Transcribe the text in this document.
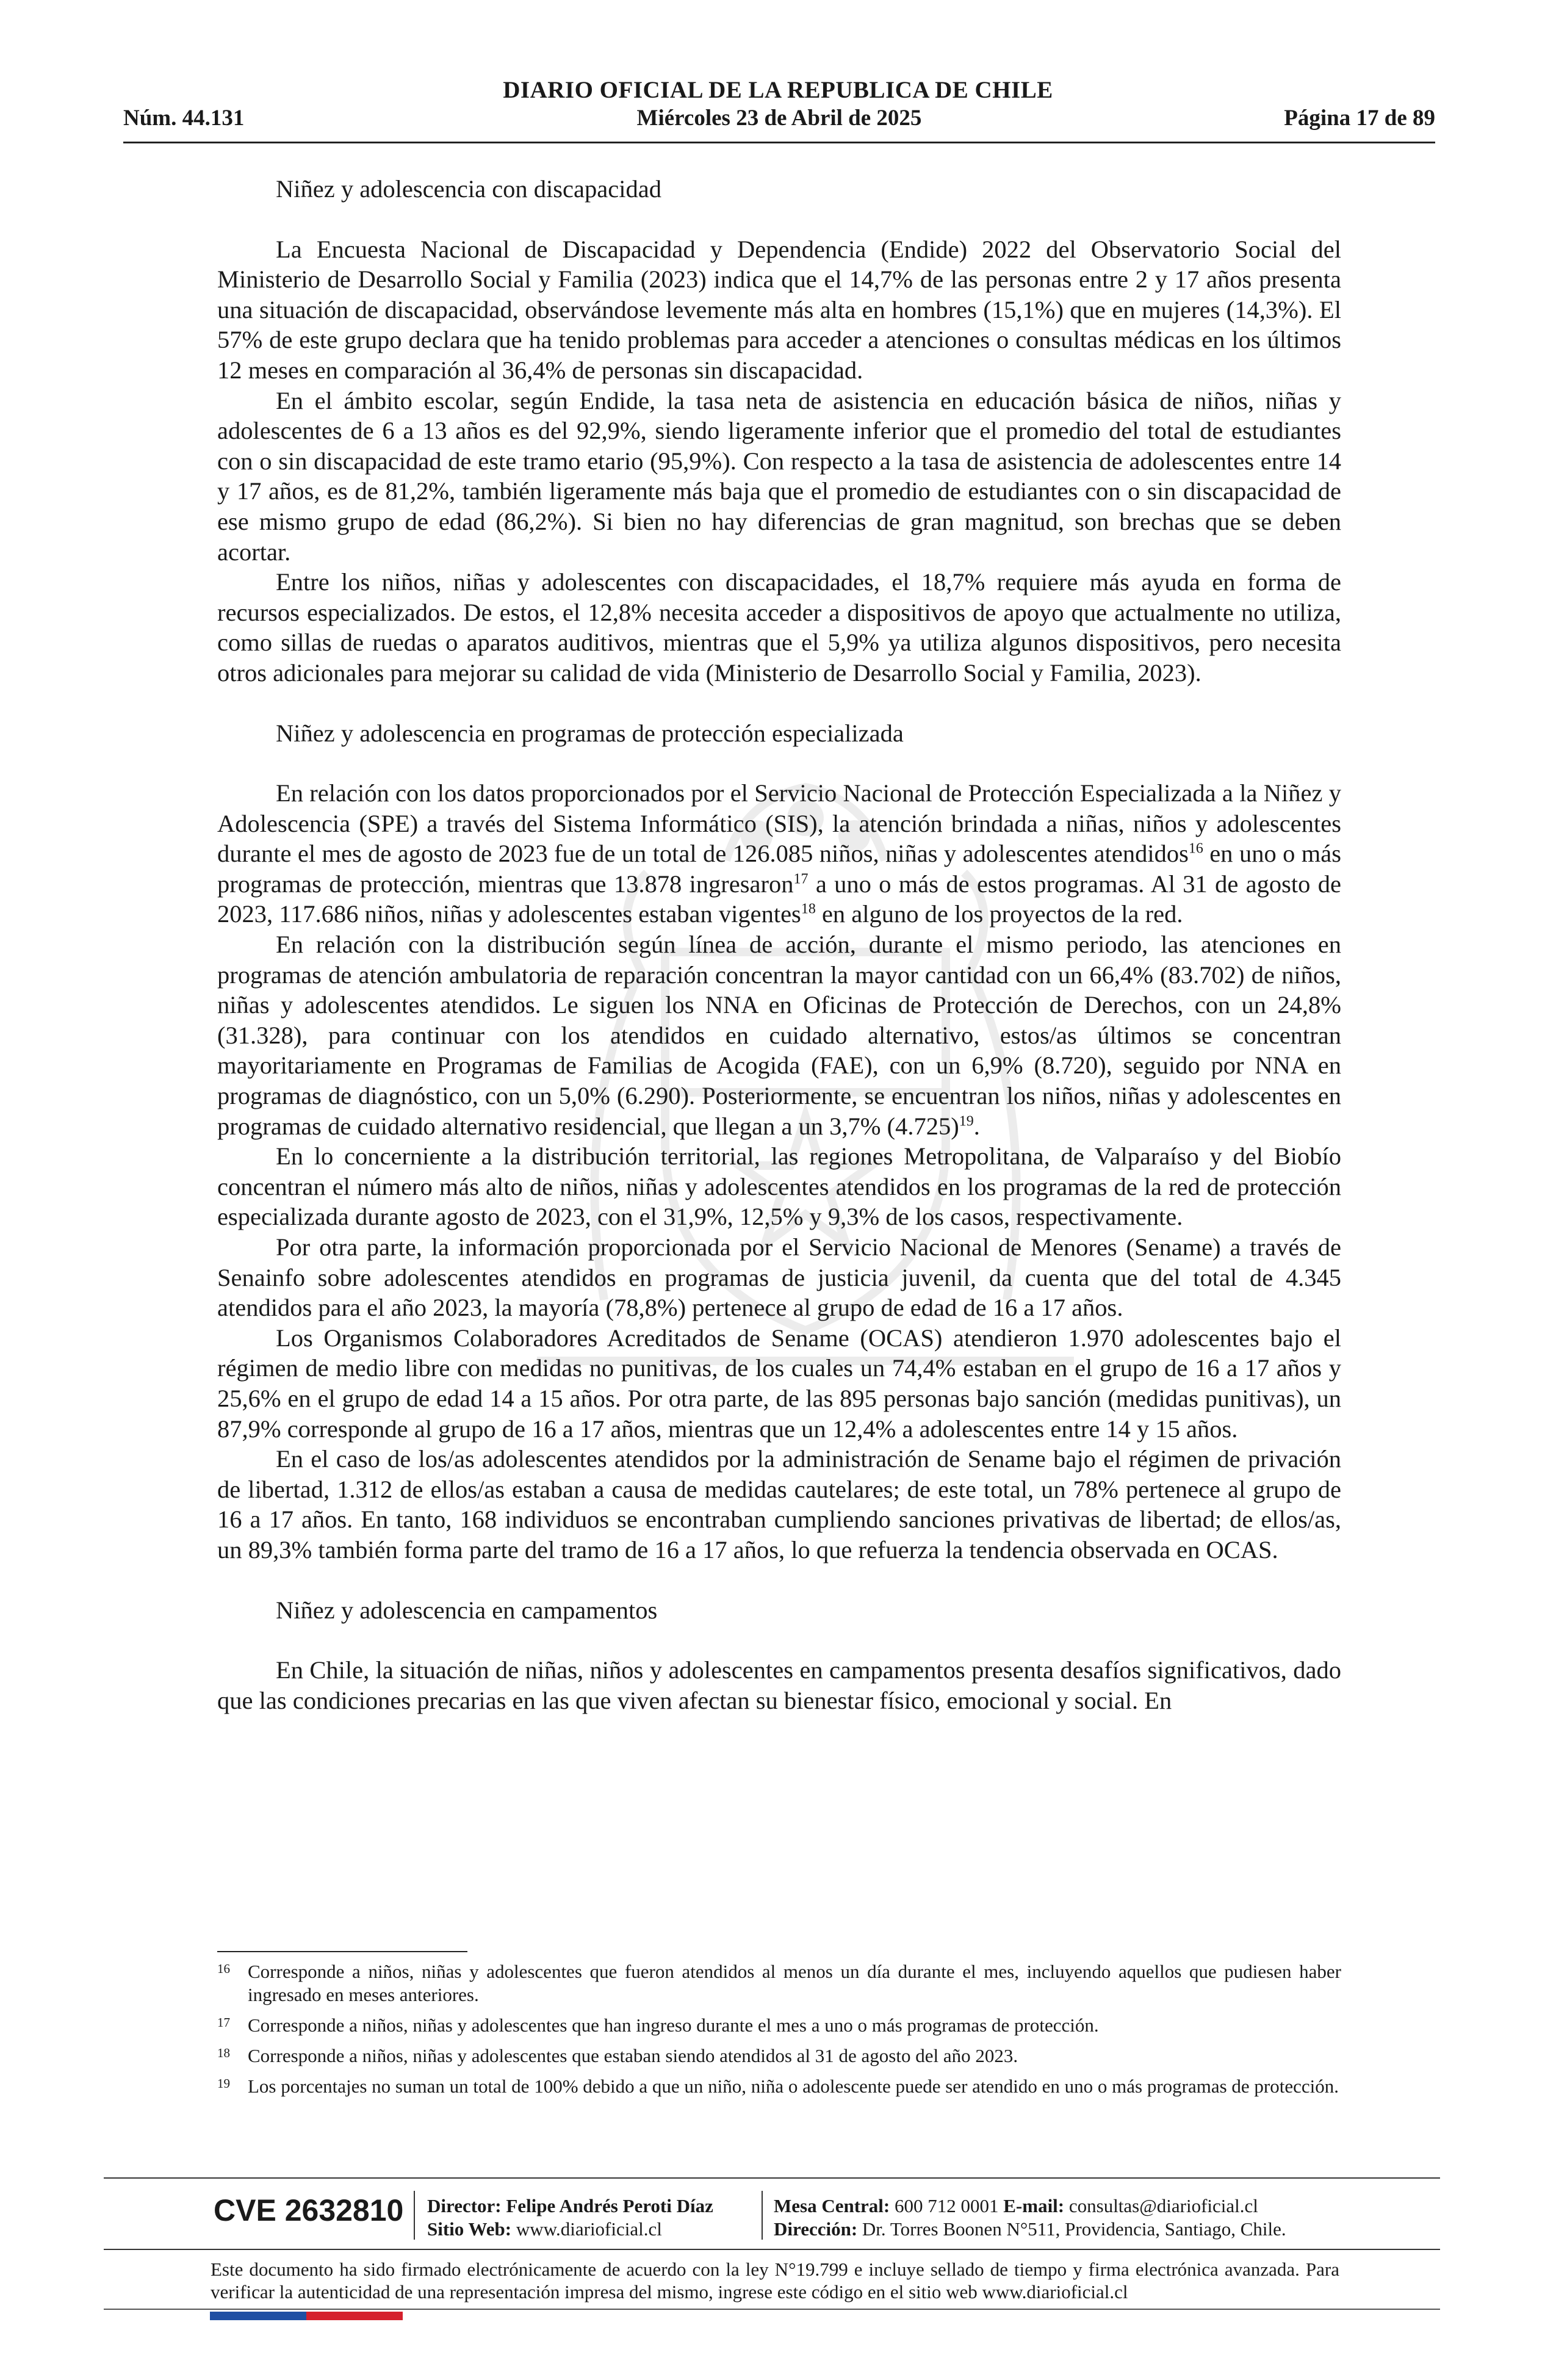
DIARIO OFICIAL DE LA REPUBLICA DE CHILE
Núm. 44.131	Miércoles 23 de Abril de 2025	Página 17 de 89

Niñez y adolescencia con discapacidad

La Encuesta Nacional de Discapacidad y Dependencia (Endide) 2022 del Observatorio Social del Ministerio de Desarrollo Social y Familia (2023) indica que el 14,7% de las personas entre 2 y 17 años presenta una situación de discapacidad, observándose levemente más alta en hombres (15,1%) que en mujeres (14,3%). El 57% de este grupo declara que ha tenido problemas para acceder a atenciones o consultas médicas en los últimos 12 meses en comparación al 36,4% de personas sin discapacidad.

En el ámbito escolar, según Endide, la tasa neta de asistencia en educación básica de niños, niñas y adolescentes de 6 a 13 años es del 92,9%, siendo ligeramente inferior que el promedio del total de estudiantes con o sin discapacidad de este tramo etario (95,9%). Con respecto a la tasa de asistencia de adolescentes entre 14 y 17 años, es de 81,2%, también ligeramente más baja que el promedio de estudiantes con o sin discapacidad de ese mismo grupo de edad (86,2%). Si bien no hay diferencias de gran magnitud, son brechas que se deben acortar.

Entre los niños, niñas y adolescentes con discapacidades, el 18,7% requiere más ayuda en forma de recursos especializados. De estos, el 12,8% necesita acceder a dispositivos de apoyo que actualmente no utiliza, como sillas de ruedas o aparatos auditivos, mientras que el 5,9% ya utiliza algunos dispositivos, pero necesita otros adicionales para mejorar su calidad de vida (Ministerio de Desarrollo Social y Familia, 2023).

Niñez y adolescencia en programas de protección especializada

En relación con los datos proporcionados por el Servicio Nacional de Protección Especializada a la Niñez y Adolescencia (SPE) a través del Sistema Informático (SIS), la atención brindada a niñas, niños y adolescentes durante el mes de agosto de 2023 fue de un total de 126.085 niños, niñas y adolescentes atendidos$^{16}$ en uno o más programas de protección, mientras que 13.878 ingresaron$^{17}$ a uno o más de estos programas. Al 31 de agosto de 2023, 117.686 niños, niñas y adolescentes estaban vigentes$^{18}$ en alguno de los proyectos de la red.

En relación con la distribución según línea de acción, durante el mismo periodo, las atenciones en programas de atención ambulatoria de reparación concentran la mayor cantidad con un 66,4% (83.702) de niños, niñas y adolescentes atendidos. Le siguen los NNA en Oficinas de Protección de Derechos, con un 24,8% (31.328), para continuar con los atendidos en cuidado alternativo, estos/as últimos se concentran mayoritariamente en Programas de Familias de Acogida (FAE), con un 6,9% (8.720), seguido por NNA en programas de diagnóstico, con un 5,0% (6.290). Posteriormente, se encuentran los niños, niñas y adolescentes en programas de cuidado alternativo residencial, que llegan a un 3,7% $(4.725)^{19}$.

En lo concerniente a la distribución territorial, las regiones Metropolitana, de Valparaíso y del Biobío concentran el número más alto de niños, niñas y adolescentes atendidos en los programas de la red de protección especializada durante agosto de 2023, con el 31,9%, 12,5% y 9,3% de los casos, respectivamente.

Por otra parte, la información proporcionada por el Servicio Nacional de Menores (Sename) a través de Senainfo sobre adolescentes atendidos en programas de justicia juvenil, da cuenta que del total de 4.345 atendidos para el año 2023, la mayoría (78,8%) pertenece al grupo de edad de 16 a 17 años.

Los Organismos Colaboradores Acreditados de Sename (OCAS) atendieron 1.970 adolescentes bajo el régimen de medio libre con medidas no punitivas, de los cuales un 74,4% estaban en el grupo de 16 a 17 años y 25,6% en el grupo de edad 14 a 15 años. Por otra parte, de las 895 personas bajo sanción (medidas punitivas), un 87,9% corresponde al grupo de 16 a 17 años, mientras que un 12,4% a adolescentes entre 14 y 15 años.

En el caso de los/as adolescentes atendidos por la administración de Sename bajo el régimen de privación de libertad, 1.312 de ellos/as estaban a causa de medidas cautelares; de este total, un 78% pertenece al grupo de 16 a 17 años. En tanto, 168 individuos se encontraban cumpliendo sanciones privativas de libertad; de ellos/as, un 89,3% también forma parte del tramo de 16 a 17 años, lo que refuerza la tendencia observada en OCAS.

Niñez y adolescencia en campamentos

En Chile, la situación de niñas, niños y adolescentes en campamentos presenta desafíos significativos, dado que las condiciones precarias en las que viven afectan su bienestar físico, emocional y social. En

16 Corresponde a niños, niñas y adolescentes que fueron atendidos al menos un día durante el mes, incluyendo aquellos que pudiesen haber ingresado en meses anteriores.
17 Corresponde a niños, niñas y adolescentes que han ingreso durante el mes a uno o más programas de protección.
18 Corresponde a niños, niñas y adolescentes que estaban siendo atendidos al 31 de agosto del año 2023.
19 Los porcentajes no suman un total de 100% debido a que un niño, niña o adolescente puede ser atendido en uno o más programas de protección.
CVE 2632810 Director: Felipe Andrés Peroti Díaz
Sitio Web: www.diarioficial.cl
Mesa Central: 600 712 0001 E-mail: consultas@diarioficial.cl
Dirección: Dr. Torres Boonen N°511, Providencia, Santiago, Chile.
Este documento ha sido firmado electrónicamente de acuerdo con la ley N°19.799 e incluye sellado de tiempo y firma electrónica avanzada. Para verificar la autenticidad de una representación impresa del mismo, ingrese este código en el sitio web www.diarioficial.cl
